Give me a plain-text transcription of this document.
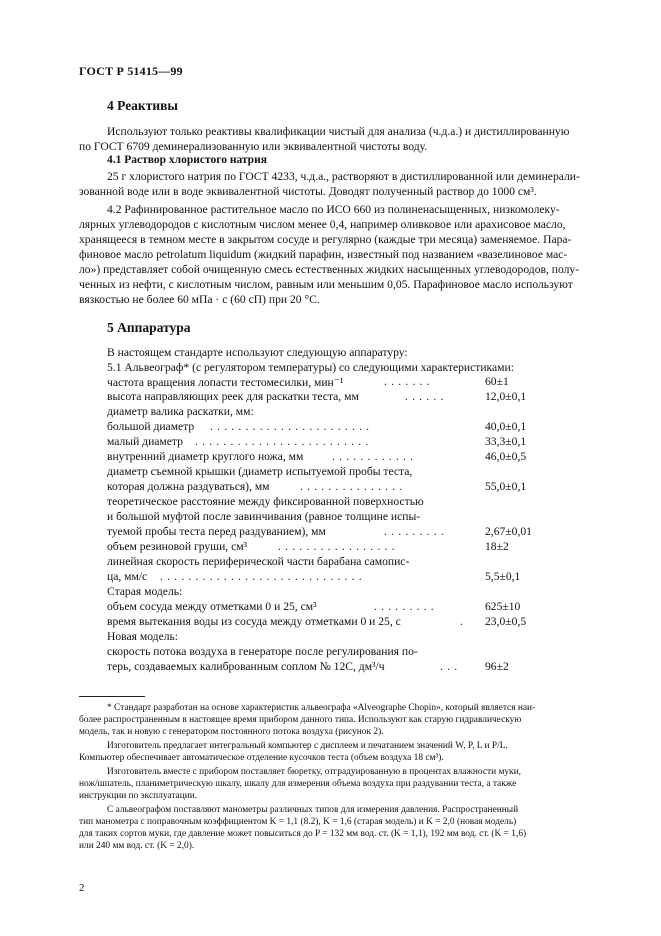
ГОСТ Р 51415—99
4 Реактивы
Используют только реактивы квалификации чистый для анализа (ч.д.а.) и дистиллированную
по ГОСТ 6709 деминерализованную или эквивалентной чистоты воду.
4.1 Раствор хлористого натрия
25 г хлористого натрия по ГОСТ 4233, ч.д.а., растворяют в дистиллированной или деминерали-
зованной воде или в воде эквивалентной чистоты. Доводят полученный раствор до 1000 см³.
4.2 Рафинированное растительное масло по ИСО 660 из полиненасыщенных, низкомолеку-
лярных углеводородов с кислотным числом менее 0,4, например оливковое или арахисовое масло,
хранящееся в темном месте в закрытом сосуде и регулярно (каждые три месяца) заменяемое. Пара-
финовое масло petrolatum liquidum (жидкий парафин, известный под названием «вазелиновое мас-
ло») представляет собой очищенную смесь естественных жидких насыщенных углеводородов, полу-
ченных из нефти, с кислотным числом, равным или меньшим 0,05. Парафиновое масло используют
вязкостью не более 60 мПа · с (60 сП) при 20 °С.
5 Аппаратура
В настоящем стандарте используют следующую аппаратуру:
5.1 Альвеограф* (с регулятором температуры) со следующими характеристиками:
частота вращения лопасти тестомесилки, мин⁻¹	.......	60±1
высота направляющих реек для раскатки теста, мм	......	12,0±0,1
диаметр валика раскатки, мм:
большой диаметр .......................	40,0±0,1
малый диаметр .........................	33,3±0,1
внутренний диаметр круглого ножа, мм ............	46,0±0,5
диаметр съемной крышки (диаметр испытуемой пробы теста,
которая должна раздуваться), мм	...............	55,0±0,1
теоретическое расстояние между фиксированной поверхностью
и большой муфтой после завинчивания (равное толщине испы-
туемой пробы теста перед раздуванием), мм	.........	2,67±0,01
объем резиновой груши, см³	.................	18±2
линейная скорость периферической части барабана самопис-
ца, мм/с .............................	5,5±0,1
Старая модель:
объем сосуда между отметками 0 и 25, см³	.........	625±10
время вытекания воды из сосуда между отметками 0 и 25, с	. 23,0±0,5
Новая модель:
скорость потока воздуха в генераторе после регулирования по-
терь, создаваемых калиброванным соплом № 12С, дм³/ч	... 96±2
* Стандарт разработан на основе характеристик альвеографа «Alveographe Chopin», который является наи-
более распространенным в настоящее время прибором данного типа. Используют как старую гидравлическую
модель, так и новую с генератором постоянного потока воздуха (рисунок 2).
Изготовитель предлагает интегральный компьютер с дисплеем и печатанием значений W, P, L и P/L.
Компьютер обеспечивает автоматическое отделение кусочков теста (объем воздуха 18 см³).
Изготовитель вместе с прибором поставляет бюретку, отградуированную в процентах влажности муки,
нож/шпатель, планиметрическую шкалу, шкалу для измерения объема воздуха при раздувании теста, а также
инструкции по эксплуатации.
С альвеографом поставляют манометры различных типов для измерения давления. Распространенный
тип манометра с поправочным коэффициентом K = 1,1 (8.2), K = 1,6 (старая модель) и K = 2,0 (новая модель)
для таких сортов муки, где давление может повыситься до P = 132 мм вод. ст. (K = 1,1), 192 мм вод. ст. (K = 1,6)
или 240 мм вод. ст. (K = 2,0).
2
